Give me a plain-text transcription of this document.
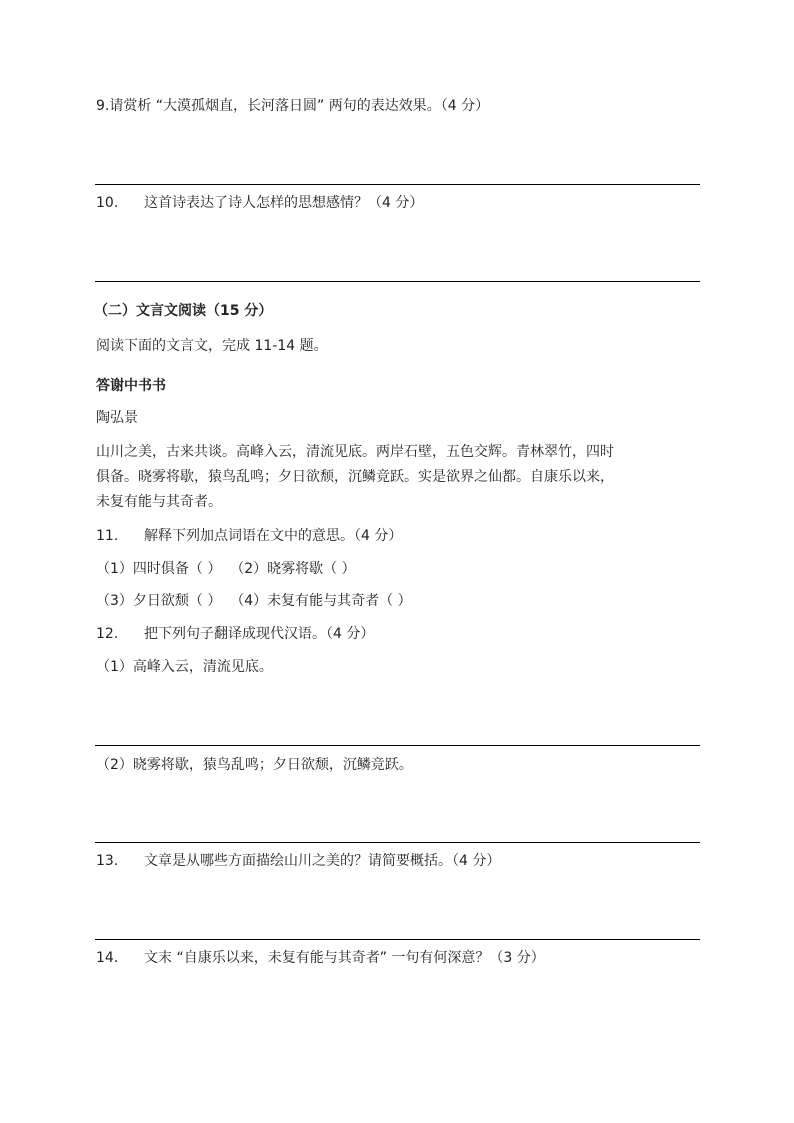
9.请赏析 “大漠孤烟直，长河落日圆” 两句的表达效果。（4 分）
10. 这首诗表达了诗人怎样的思想感情？（4 分）
（二）文言文阅读（15 分）
阅读下面的文言文，完成 11-14 题。
答谢中书书
陶弘景
山川之美，古来共谈。高峰入云，清流见底。两岸石壁，五色交辉。青林翠竹，四时
俱备。晓雾将歇，猿鸟乱鸣；夕日欲颓，沉鳞竞跃。实是欲界之仙都。自康乐以来，
未复有能与其奇者。
11. 解释下列加点词语在文中的意思。（4 分）
（1）四时俱备（ ）  （2）晓雾将歇（ ）
（3）夕日欲颓（ ）  （4）未复有能与其奇者（ ）
12. 把下列句子翻译成现代汉语。（4 分）
（1）高峰入云，清流见底。
（2）晓雾将歇，猿鸟乱鸣；夕日欲颓，沉鳞竞跃。
13. 文章是从哪些方面描绘山川之美的？请简要概括。（4 分）
14. 文末 “自康乐以来，未复有能与其奇者” 一句有何深意？（3 分）
